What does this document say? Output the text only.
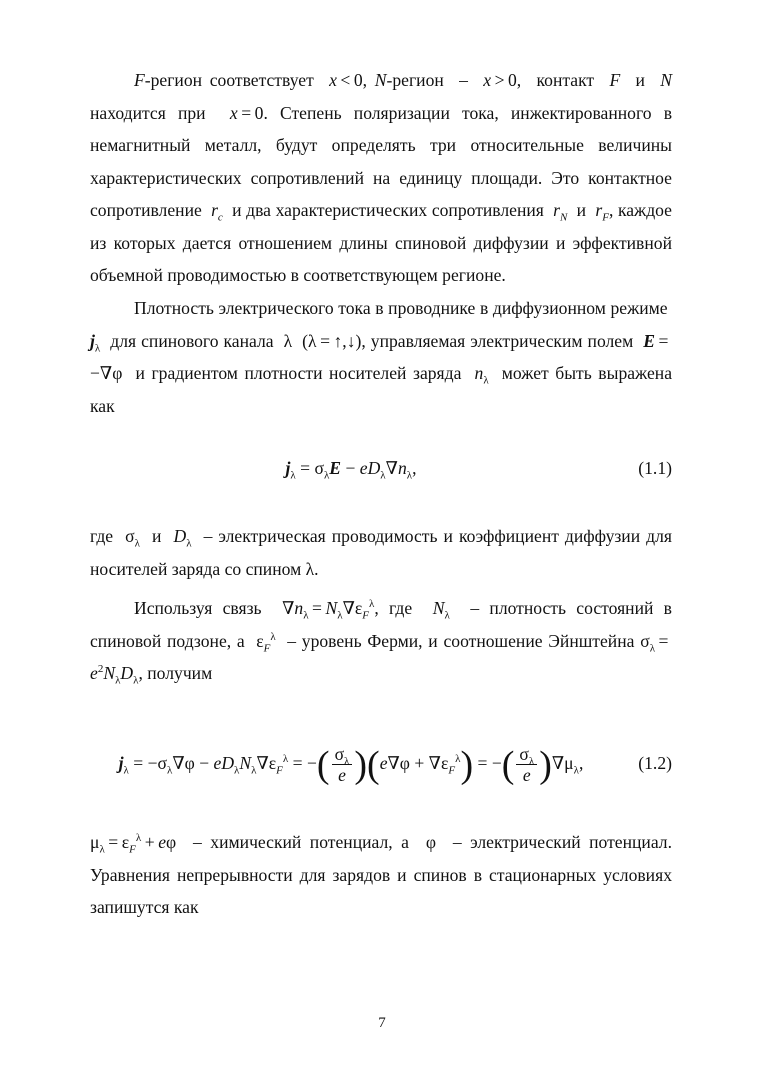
F-регион соответствует  x < 0, N-регион  –  x > 0,  контакт  F  и  N находится при  x = 0. Степень поляризации тока, инжектированного в немагнитный металл, будут определять три относительные величины характеристических сопротивлений на единицу площади. Это контактное сопротивление  $r_c$  и два характеристических сопротивления  $r_N$  и  $r_F$, каждое из которых дается отношением длины спиновой диффузии и эффективной объемной проводимостью в соответствующем регионе.
Плотность электрического тока в проводнике в диффузионном режиме  $j_\lambda$  для спинового канала  λ  (λ = ↑,↓), управляемая электрическим полем  E = −∇φ  и градиентом плотности носителей заряда  $n_\lambda$  может быть выражена как
$j_\lambda = \sigma_\lambda E - eD_\lambda\nabla n_\lambda$,	(1.1)
где  $\sigma_\lambda$  и  $D_\lambda$  – электрическая проводимость и коэффициент диффузии для носителей заряда со спином λ.
Используя связь  $\nabla n_\lambda = N_\lambda\nabla\varepsilon_F^\lambda$, где  $N_\lambda$  – плотность состояний в спиновой подзоне, а  $\varepsilon_F^\lambda$  – уровень Ферми, и соотношение Эйнштейна $\sigma_\lambda = e^2N_\lambda D_\lambda$, получим
$j_\lambda = -\sigma_\lambda\nabla\varphi - eD_\lambda N_\lambda\nabla\varepsilon_F^\lambda$ = −( $\frac{\sigma_\lambda}{e} )(e\nabla\varphi + \nabla\varepsilon_F^\lambda)$ = −( $\frac{\sigma_\lambda}{e} )\nabla\mu_\lambda$,	(1.2)
$\mu_\lambda = \varepsilon_F^\lambda + e\varphi$  – химический потенциал, а  φ  – электрический потенциал. Уравнения непрерывности для зарядов и спинов в стационарных условиях запишутся как
7
